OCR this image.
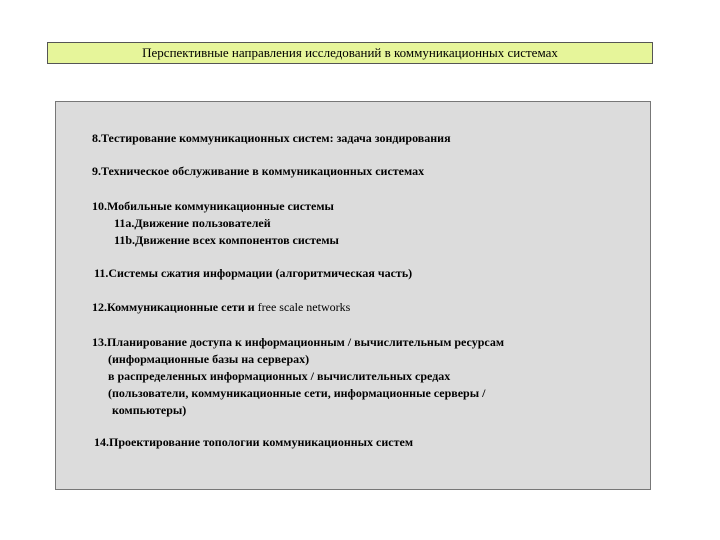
Перспективные направления исследований в коммуникационных системах
8.Тестирование коммуникационных систем: задача зондирования
9.Техническое обслуживание в коммуникационных системах
10.Мобильные коммуникационные системы
11a.Движение пользователей
11b.Движение всех компонентов системы
11.Системы сжатия информации (алгоритмическая часть)
12.Коммуникационные сети и free scale networks
13.Планирование доступа к информационным / вычислительным ресурсам
(информационные базы на серверах)
в распределенных информационных / вычислительных средах
(пользователи, коммуникационные сети, информационные серверы /
компьютеры)
14.Проектирование топологии коммуникационных систем
